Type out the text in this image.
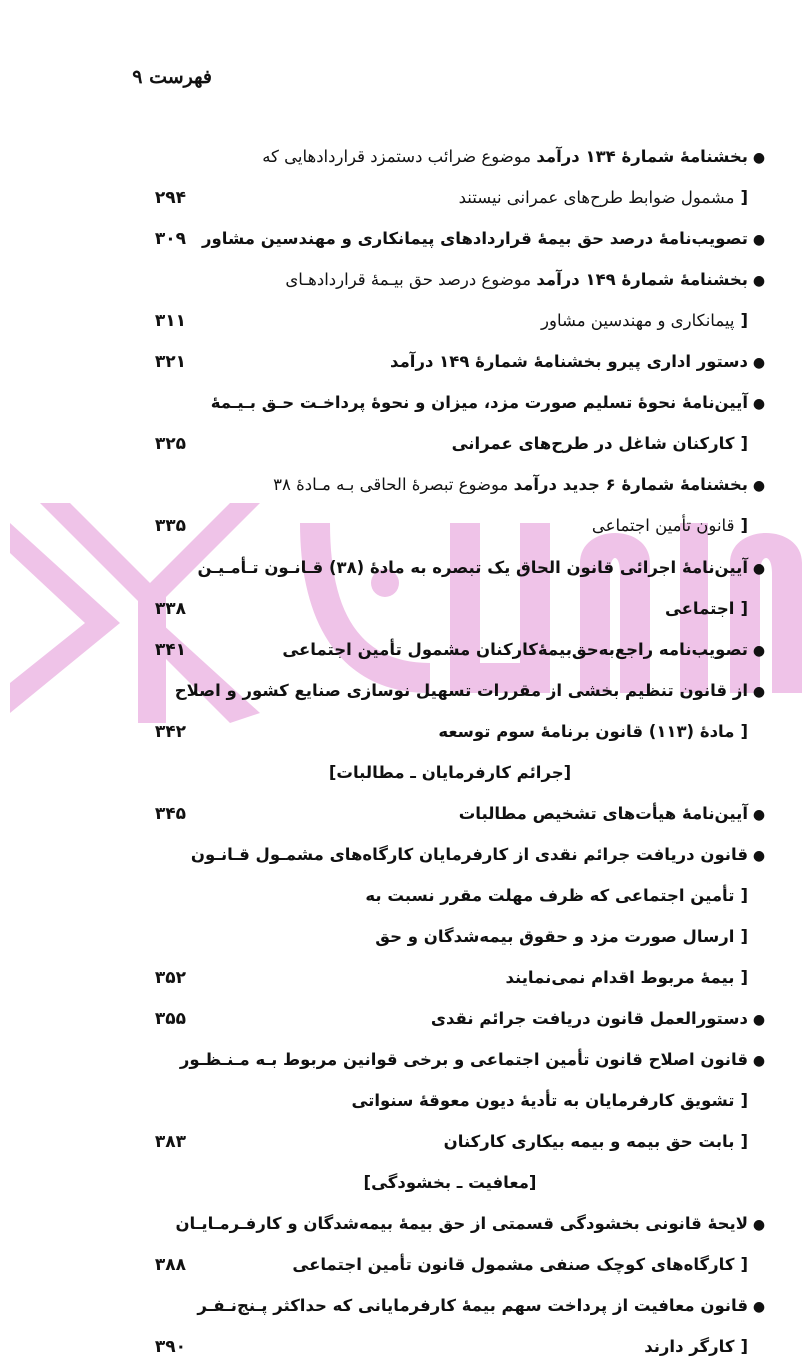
فهرست ۹
●بخشنامهٔ شمارهٔ ۱۳۴ درآمد موضوع ضرائب دستمزد قراردادهایی که
[مشمول ضوابط طرح‌های عمرانی نیستند
۲۹۴
●تصویب‌نامهٔ درصد حق بیمهٔ قراردادهای پیمانکاری و مهندسین مشاور
۳۰۹
●بخشنامهٔ شمارهٔ ۱۴۹ درآمد موضوع درصد حق بیـمهٔ قراردادهـای
[پیمانکاری و مهندسین مشاور
۳۱۱
●دستور اداری پیرو بخشنامهٔ شمارهٔ ۱۴۹ درآمد
۳۲۱
●آیین‌نامهٔ نحوهٔ تسلیم صورت مزد، میزان و نحوهٔ پرداخـت حـق بـیـمهٔ
[کارکنان شاغل در طرح‌های عمرانی
۳۲۵
●بخشنامهٔ شمارهٔ ۶ جدید درآمد موضوع تبصرهٔ الحاقی بـه مـادهٔ ۳۸
[قانون تأمین اجتماعی
۳۳۵
●آیین‌نامهٔ اجرائی قانون الحاق یک تبصره به مادهٔ (۳۸) قـانـون تـأمـیـن
[اجتماعی
۳۳۸
●تصویب‌نامه راجع‌به‌حق‌بیمهٔ‌کارکنان مشمول تأمین اجتماعی
۳۴۱
●از قانون تنظیم بخشی از مقررات تسهیل نوسازی صنایع کشور و اصلاح
[مادهٔ (۱۱۳) قانون برنامهٔ سوم توسعه
۳۴۲
[جرائم کارفرمایان ـ مطالبات]
●آیین‌نامهٔ هیأت‌های تشخیص مطالبات
۳۴۵
●قانون دریافت جرائم نقدی از کارفرمایان کارگاه‌های مشمـول قـانـون
[تأمین اجتماعی که ظرف مهلت مقرر نسبت به
[ارسال صورت مزد و حقوق بیمه‌شدگان و حق
[بیمهٔ مربوط اقدام نمی‌نمایند
۳۵۲
●دستورالعمل قانون دریافت جرائم نقدی
۳۵۵
●قانون اصلاح قانون تأمین اجتماعی و برخی قوانین مربوط بـه مـنـظـور
[تشویق کارفرمایان به تأدیهٔ دیون معوقهٔ سنواتی
[بابت حق بیمه و بیمه بیکاری کارکنان
۳۸۳
[معافیت ـ بخشودگی]
●لایحهٔ قانونی بخشودگی قسمتی از حق بیمهٔ بیمه‌شدگان و کارفـرمـایـان
[کارگاه‌های کوچک صنفی مشمول قانون تأمین اجتماعی
۳۸۸
●قانون معافیت از پرداخت سهم بیمهٔ کارفرمایانی که حداکثر پـنج‌نـفـر
[کارگر دارند
۳۹۰
